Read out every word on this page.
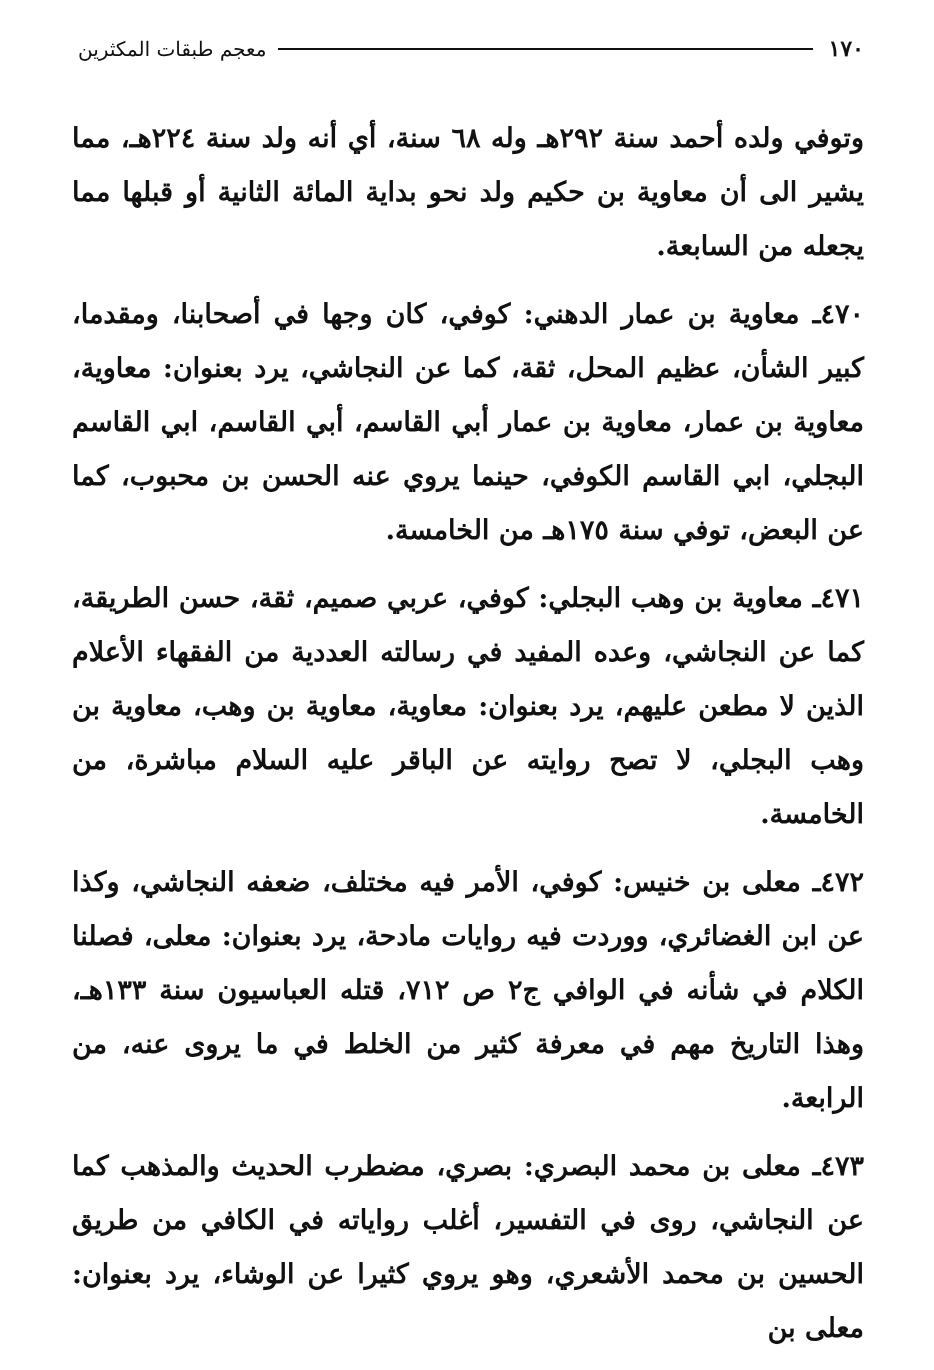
١٧٠
معجم طبقات المكثرين

وتوفي ولده أحمد سنة ٢٩٢هـ وله ٦٨ سنة، أي أنه ولد سنة ٢٢٤هـ، مما يشير الى أن معاوية بن حكيم ولد نحو بداية المائة الثانية أو قبلها مما يجعله من السابعة.

٤٧٠ـ معاوية بن عمار الدهني: كوفي، كان وجها في أصحابنا، ومقدما، كبير الشأن، عظيم المحل، ثقة، كما عن النجاشي، يرد بعنوان: معاوية، معاوية بن عمار، معاوية بن عمار أبي القاسم، أبي القاسم، ابي القاسم البجلي، ابي القاسم الكوفي، حينما يروي عنه الحسن بن محبوب، كما عن البعض، توفي سنة ١٧٥هـ من الخامسة.

٤٧١ـ معاوية بن وهب البجلي: كوفي، عربي صميم، ثقة، حسن الطريقة، كما عن النجاشي، وعده المفيد في رسالته العددية من الفقهاء الأعلام الذين لا مطعن عليهم، يرد بعنوان: معاوية، معاوية بن وهب، معاوية بن وهب البجلي، لا تصح روايته عن الباقر عليه السلام مباشرة، من الخامسة.

٤٧٢ـ معلى بن خنيس: كوفي، الأمر فيه مختلف، ضعفه النجاشي، وكذا عن ابن الغضائري، ووردت فيه روايات مادحة، يرد بعنوان: معلى، فصلنا الكلام في شأنه في الوافي ج٢ ص ٧١٢، قتله العباسيون سنة ١٣٣هـ، وهذا التاريخ مهم في معرفة كثير من الخلط في ما يروى عنه، من الرابعة.

٤٧٣ـ معلى بن محمد البصري: بصري، مضطرب الحديث والمذهب كما عن النجاشي، روى في التفسير، أغلب رواياته في الكافي من طريق الحسين بن محمد الأشعري، وهو يروي كثيرا عن الوشاء، يرد بعنوان: معلى بن
